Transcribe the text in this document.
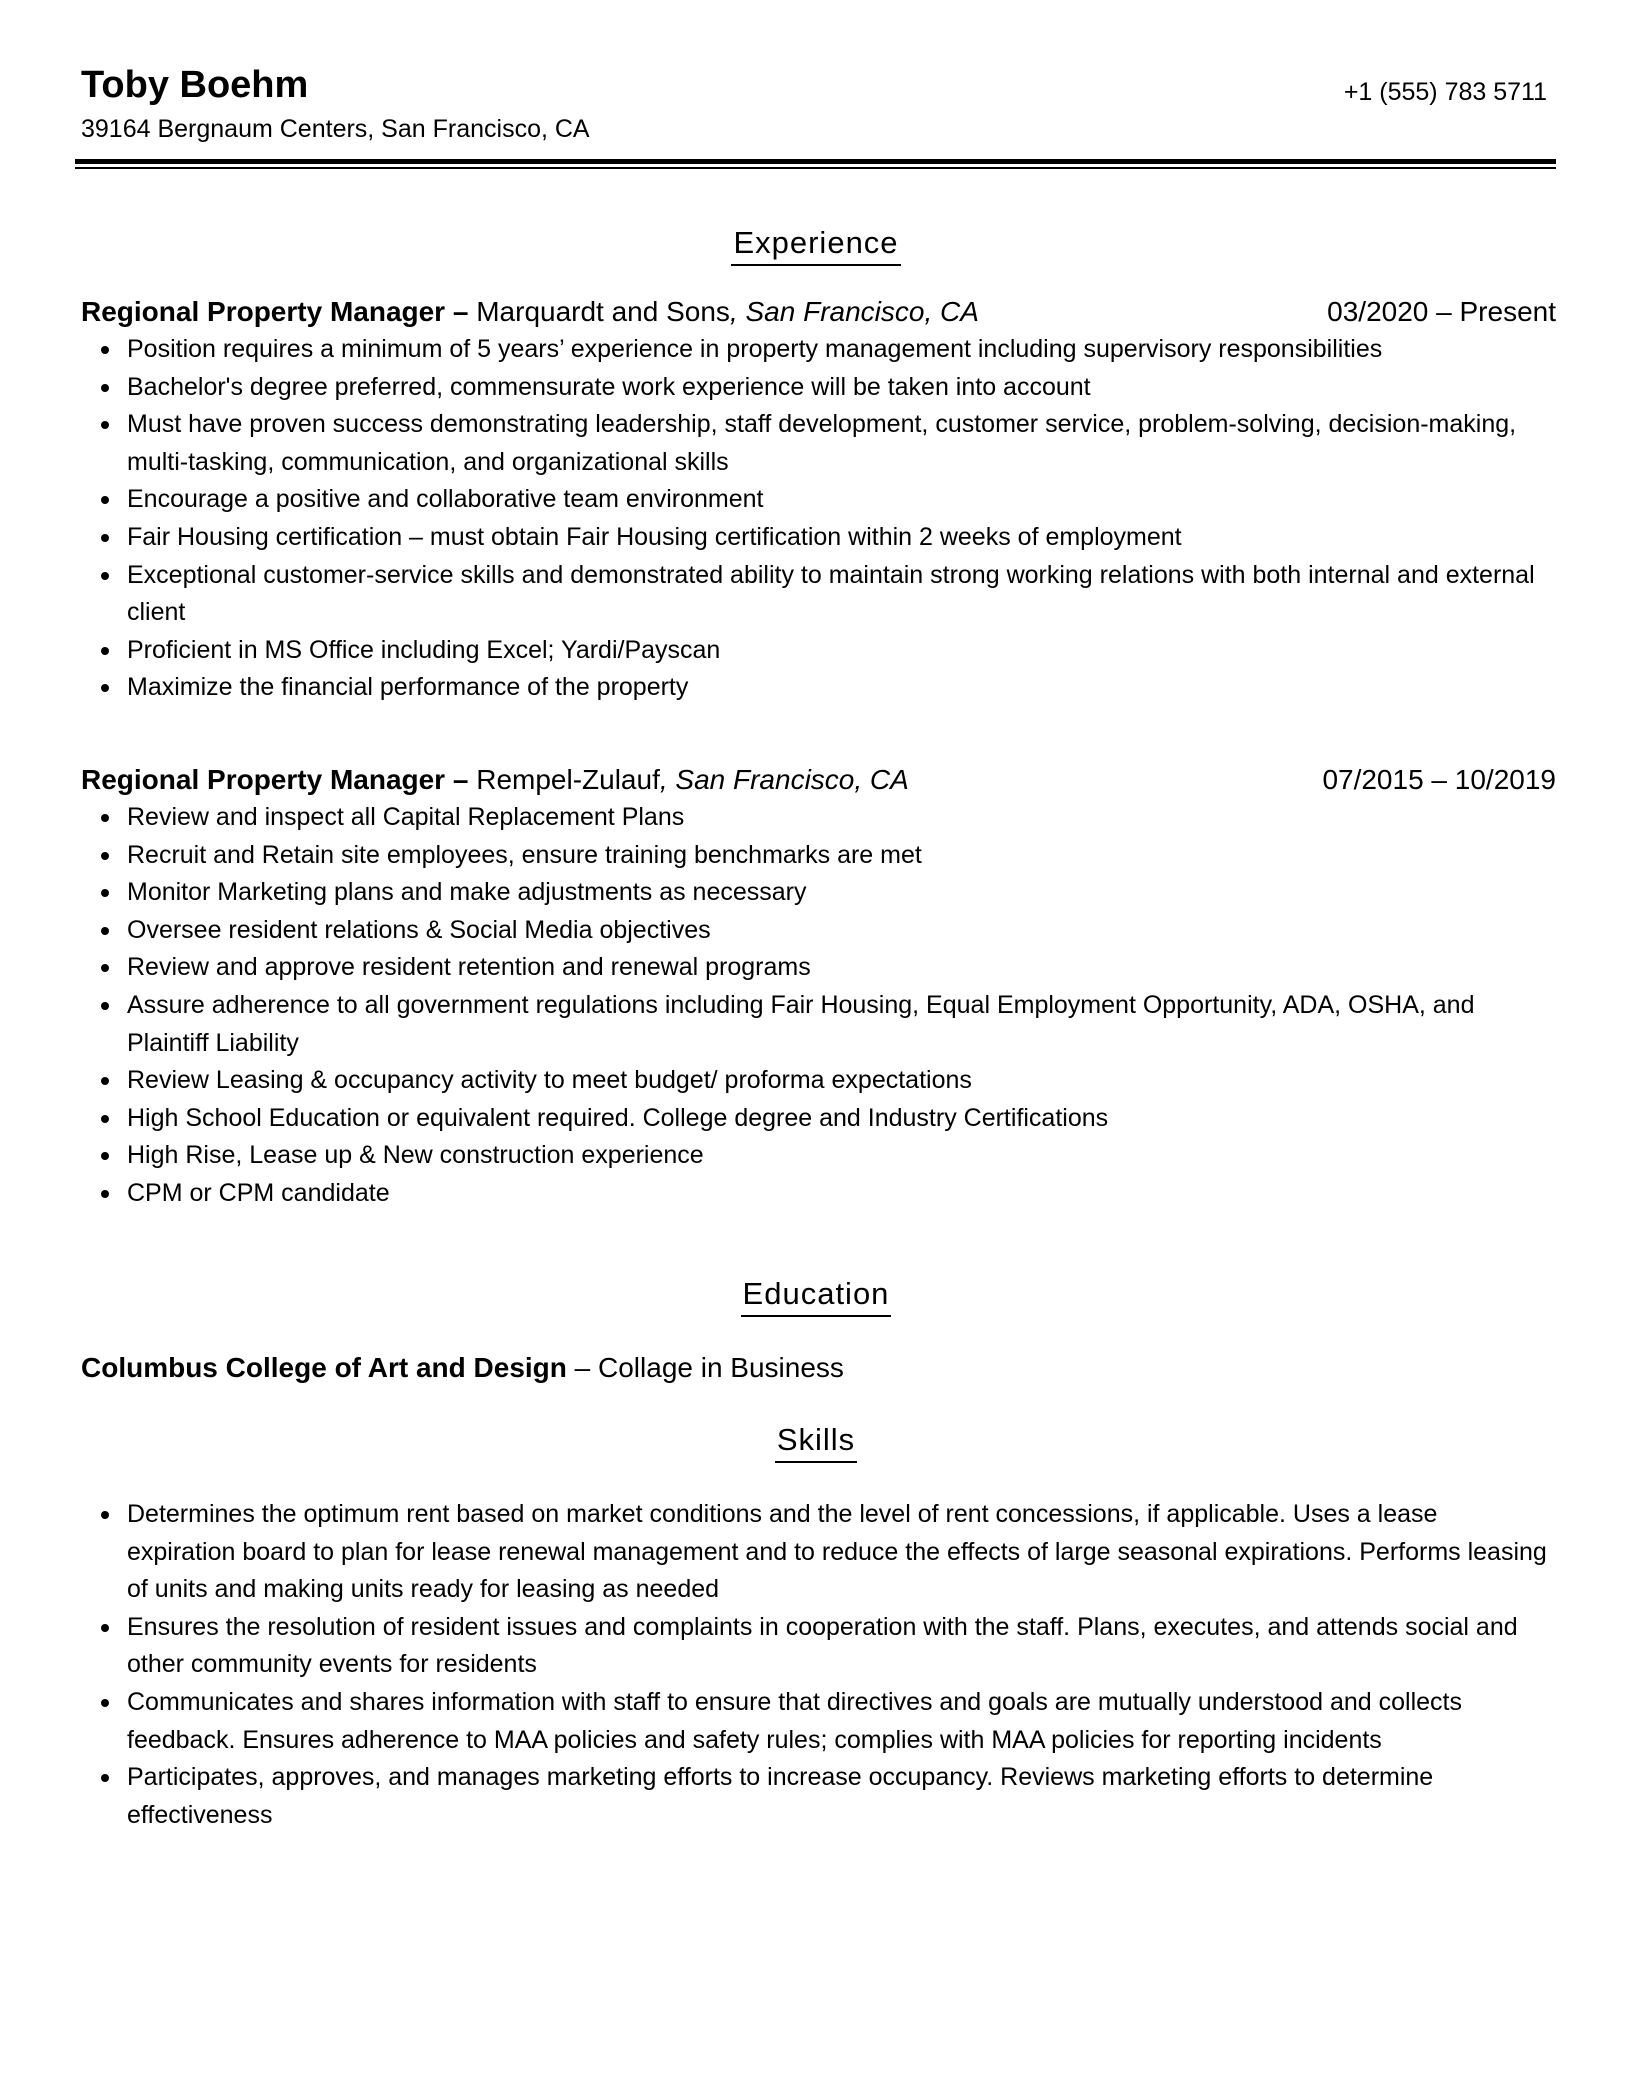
Toby Boehm
39164 Bergnaum Centers, San Francisco, CA
+1 (555) 783 5711
Experience
Regional Property Manager – Marquardt and Sons, San Francisco, CA	03/2020 – Present
Position requires a minimum of 5 years’ experience in property management including supervisory responsibilities
Bachelor's degree preferred, commensurate work experience will be taken into account
Must have proven success demonstrating leadership, staff development, customer service, problem-solving, decision-making, multi-tasking, communication, and organizational skills
Encourage a positive and collaborative team environment
Fair Housing certification – must obtain Fair Housing certification within 2 weeks of employment
Exceptional customer-service skills and demonstrated ability to maintain strong working relations with both internal and external client
Proficient in MS Office including Excel; Yardi/Payscan
Maximize the financial performance of the property
Regional Property Manager – Rempel-Zulauf, San Francisco, CA	07/2015 – 10/2019
Review and inspect all Capital Replacement Plans
Recruit and Retain site employees, ensure training benchmarks are met
Monitor Marketing plans and make adjustments as necessary
Oversee resident relations & Social Media objectives
Review and approve resident retention and renewal programs
Assure adherence to all government regulations including Fair Housing, Equal Employment Opportunity, ADA, OSHA, and Plaintiff Liability
Review Leasing & occupancy activity to meet budget/ proforma expectations
High School Education or equivalent required. College degree and Industry Certifications
High Rise, Lease up & New construction experience
CPM or CPM candidate
Education
Columbus College of Art and Design – Collage in Business
Skills
Determines the optimum rent based on market conditions and the level of rent concessions, if applicable. Uses a lease expiration board to plan for lease renewal management and to reduce the effects of large seasonal expirations. Performs leasing of units and making units ready for leasing as needed
Ensures the resolution of resident issues and complaints in cooperation with the staff. Plans, executes, and attends social and other community events for residents
Communicates and shares information with staff to ensure that directives and goals are mutually understood and collects feedback. Ensures adherence to MAA policies and safety rules; complies with MAA policies for reporting incidents
Participates, approves, and manages marketing efforts to increase occupancy. Reviews marketing efforts to determine effectiveness
